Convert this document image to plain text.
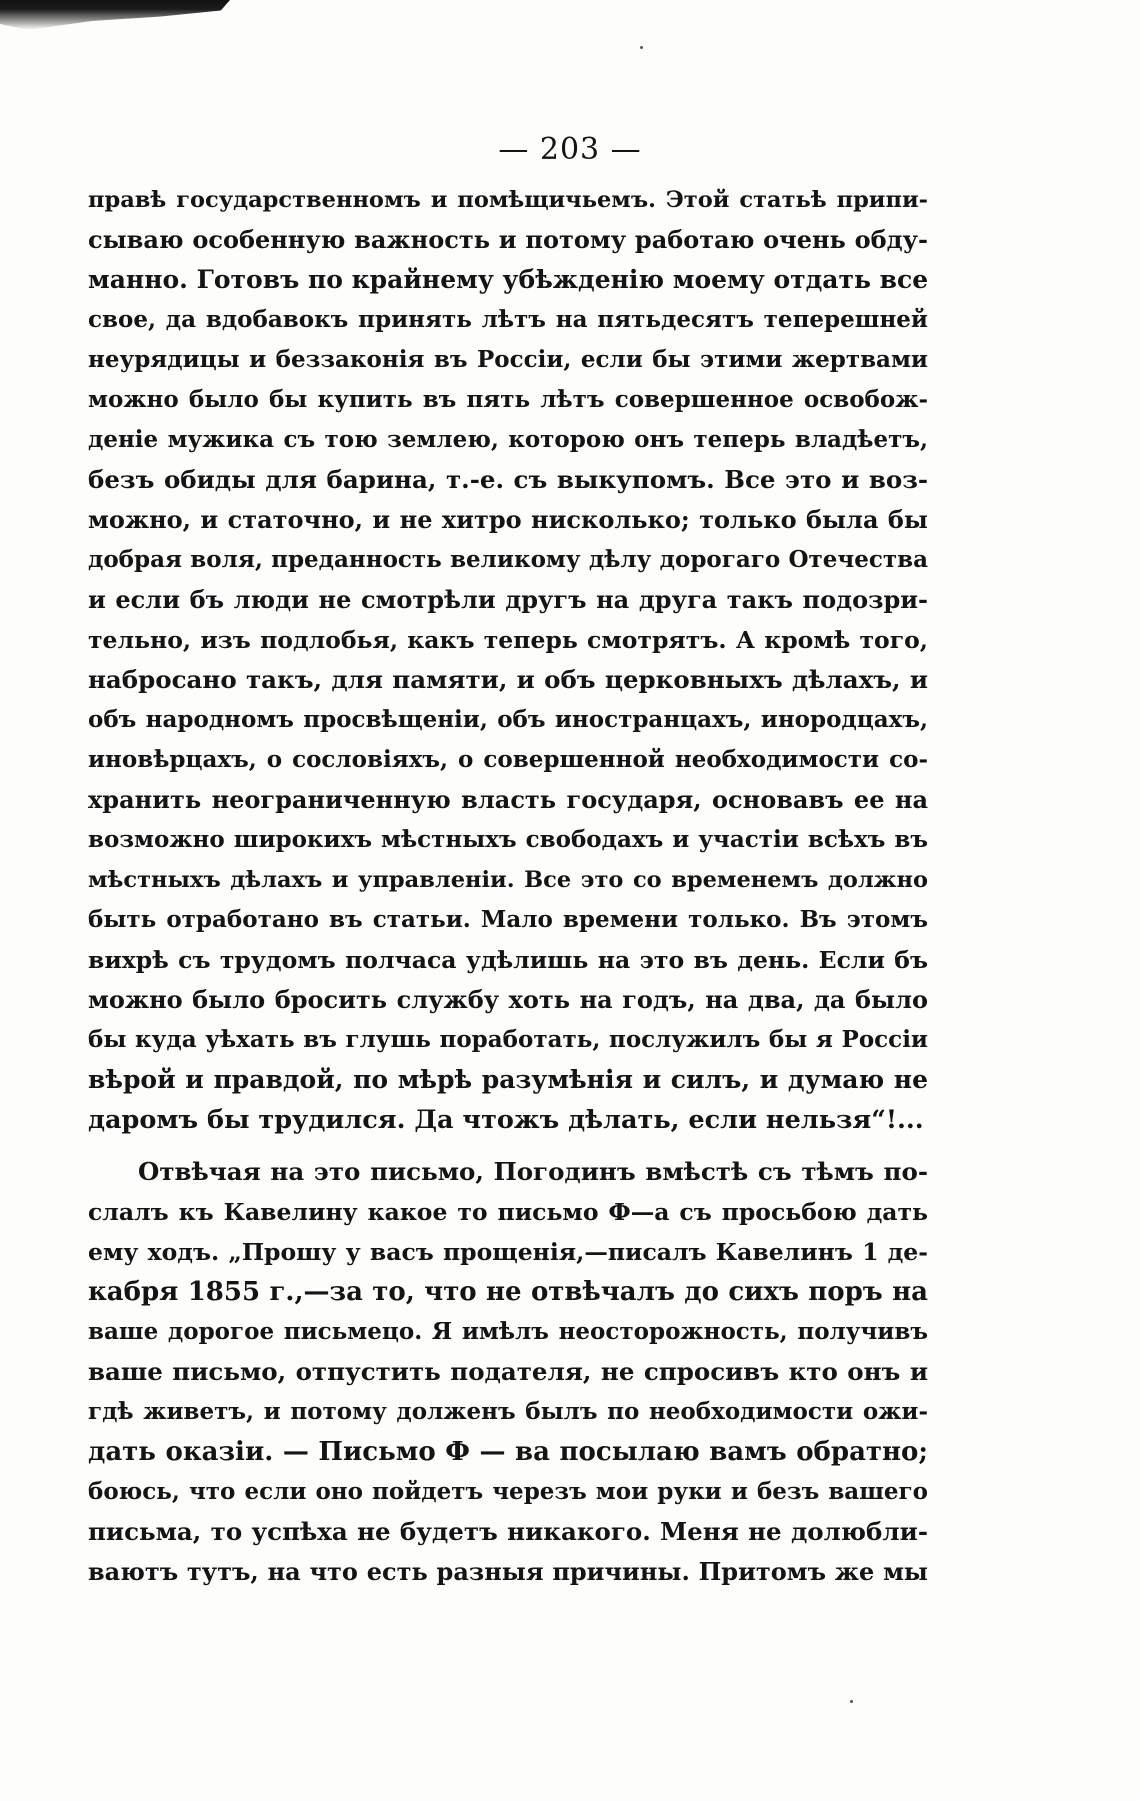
— 203 —
правѣ государственномъ и помѣщичьемъ. Этой статьѣ припи-
сываю особенную важность и потому работаю очень обду-
манно. Готовъ по крайнему убѣжденію моему отдать все
свое, да вдобавокъ принять лѣтъ на пятьдесятъ теперешней
неурядицы и беззаконія въ Россіи, если бы этими жертвами
можно было бы купить въ пять лѣтъ совершенное освобож-
деніе мужика съ тою землею, которою онъ теперь владѣетъ,
безъ обиды для барина, т.-е. съ выкупомъ. Все это и воз-
можно, и статочно, и не хитро нисколько; только была бы
добрая воля, преданность великому дѣлу дорогаго Отечества
и если бъ люди не смотрѣли другъ на друга такъ подозри-
тельно, изъ подлобья, какъ теперь смотрятъ. А кромѣ того,
набросано такъ, для памяти, и объ церковныхъ дѣлахъ, и
объ народномъ просвѣщеніи, объ иностранцахъ, инородцахъ,
иновѣрцахъ, о сословіяхъ, о совершенной необходимости со-
хранить неограниченную власть государя, основавъ ее на
возможно широкихъ мѣстныхъ свободахъ и участіи всѣхъ въ
мѣстныхъ дѣлахъ и управленіи. Все это со временемъ должно
быть отработано въ статьи. Мало времени только. Въ этомъ
вихрѣ съ трудомъ полчаса удѣлишь на это въ день. Если бъ
можно было бросить службу хоть на годъ, на два, да было
бы куда уѣхать въ глушь поработать, послужилъ бы я Россіи
вѣрой и правдой, по мѣрѣ разумѣнія и силъ, и думаю не
даромъ бы трудился. Да чтожъ дѣлать, если нельзя“!...
Отвѣчая на это письмо, Погодинъ вмѣстѣ съ тѣмъ по-
слалъ къ Кавелину какое то письмо Ф—а съ просьбою дать
ему ходъ. „Прошу у васъ прощенія,—писалъ Кавелинъ 1 де-
кабря 1855 г.,—за то, что не отвѣчалъ до сихъ поръ на
ваше дорогое письмецо. Я имѣлъ неосторожность, получивъ
ваше письмо, отпустить подателя, не спросивъ кто онъ и
гдѣ живетъ, и потому долженъ былъ по необходимости ожи-
дать оказіи. — Письмо Ф — ва посылаю вамъ обратно;
боюсь, что если оно пойдетъ черезъ мои руки и безъ вашего
письма, то успѣха не будетъ никакого. Меня не долюбли-
ваютъ тутъ, на что есть разныя причины. Притомъ же мы
